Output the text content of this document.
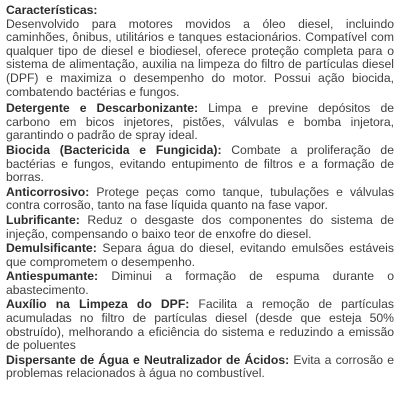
Características:
Desenvolvido para motores movidos a óleo diesel, incluindo caminhões, ônibus, utilitários e tanques estacionários. Compatível com qualquer tipo de diesel e biodiesel, oferece proteção completa para o sistema de alimentação, auxilia na limpeza do filtro de partículas diesel (DPF) e maximiza o desempenho do motor. Possui ação biocida, combatendo bactérias e fungos.
Detergente e Descarbonizante: Limpa e previne depósitos de carbono em bicos injetores, pistões, válvulas e bomba injetora, garantindo o padrão de spray ideal.
Biocida (Bactericida e Fungicida): Combate a proliferação de bactérias e fungos, evitando entupimento de filtros e a formação de borras.
Anticorrosivo: Protege peças como tanque, tubulações e válvulas contra corrosão, tanto na fase líquida quanto na fase vapor.
Lubrificante: Reduz o desgaste dos componentes do sistema de injeção, compensando o baixo teor de enxofre do diesel.
Demulsificante: Separa água do diesel, evitando emulsões estáveis que comprometem o desempenho.
Antiespumante: Diminui a formação de espuma durante o abastecimento.
Auxílio na Limpeza do DPF: Facilita a remoção de partículas acumuladas no filtro de partículas diesel (desde que esteja 50% obstruído), melhorando a eficiência do sistema e reduzindo a emissão de poluentes
Dispersante de Água e Neutralizador de Ácidos: Evita a corrosão e problemas relacionados à água no combustível.
